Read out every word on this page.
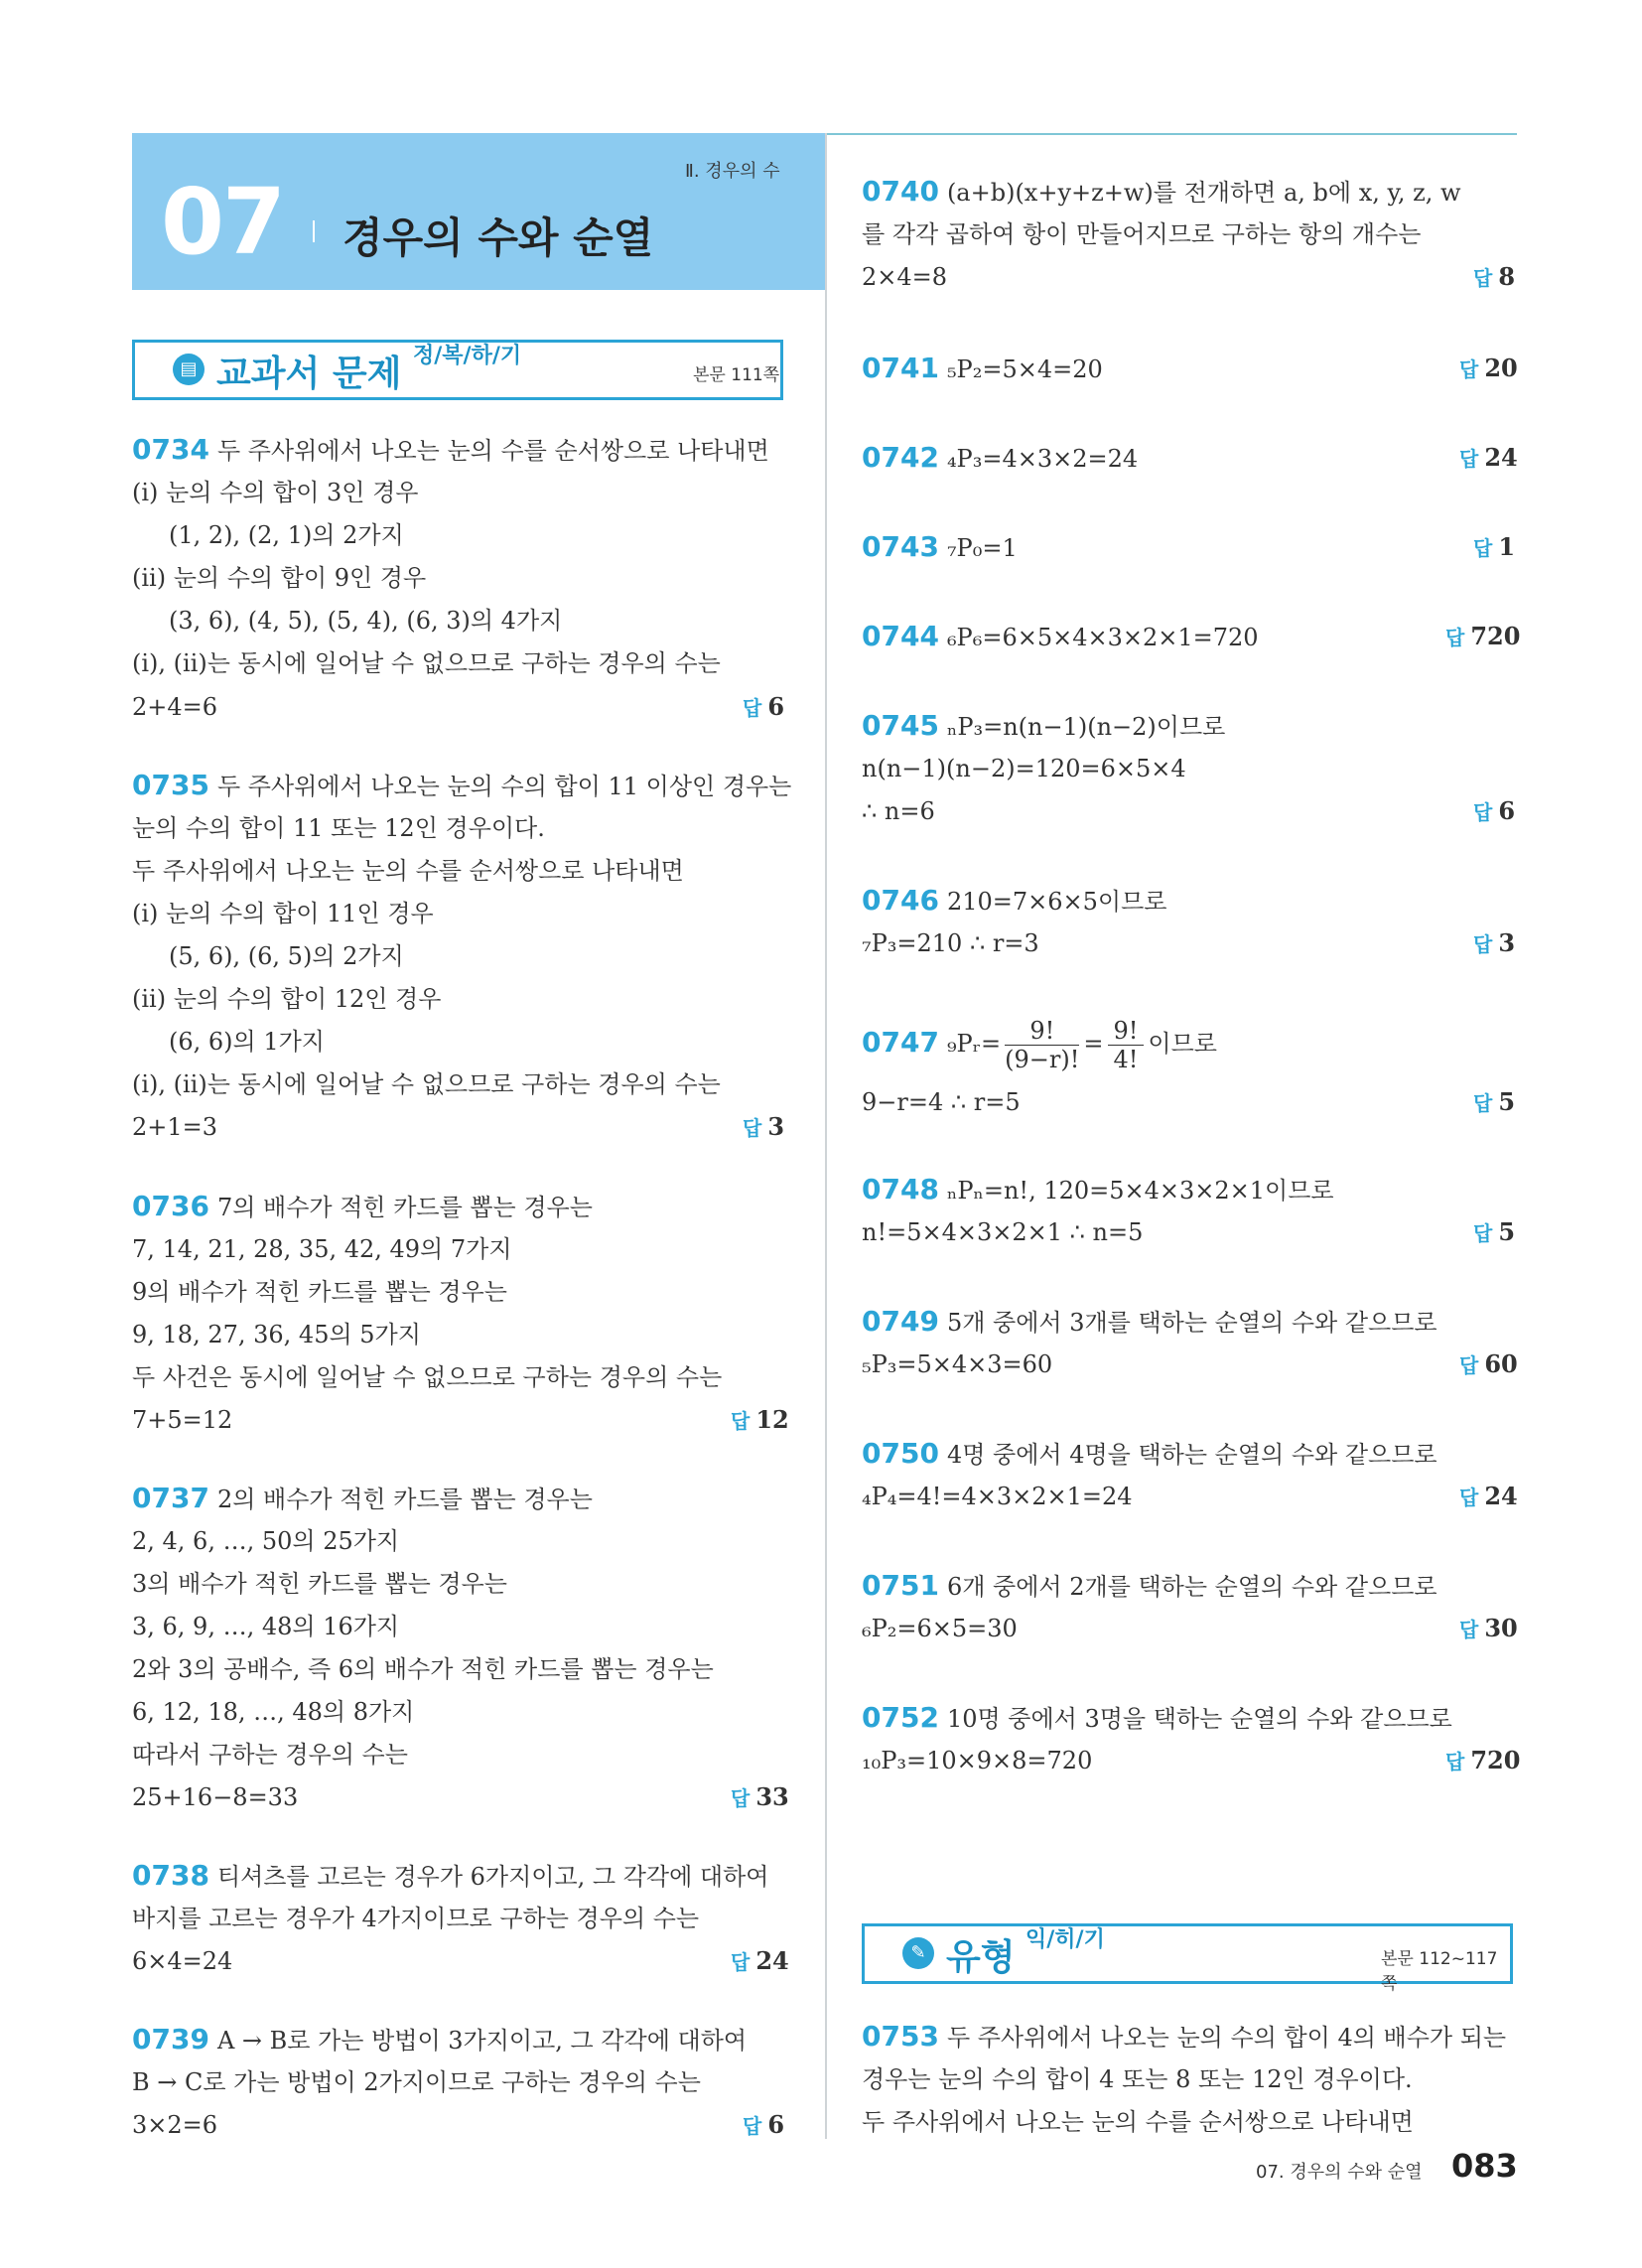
Ⅱ. 경우의 수
07 경우의 수와 순열
▤ 교과서 문제 정/복/하/기
본문 111쪽
0734 두 주사위에서 나오는 눈의 수를 순서쌍으로 나타내면
(ⅰ) 눈의 수의 합이 3인 경우
(1, 2), (2, 1)의 2가지
(ⅱ) 눈의 수의 합이 9인 경우
(3, 6), (4, 5), (5, 4), (6, 3)의 4가지
(ⅰ), (ⅱ)는 동시에 일어날 수 없으므로 구하는 경우의 수는
2+4=6	답 6
0735 두 주사위에서 나오는 눈의 수의 합이 11 이상인 경우는
눈의 수의 합이 11 또는 12인 경우이다.
두 주사위에서 나오는 눈의 수를 순서쌍으로 나타내면
(ⅰ) 눈의 수의 합이 11인 경우
(5, 6), (6, 5)의 2가지
(ⅱ) 눈의 수의 합이 12인 경우
(6, 6)의 1가지
(ⅰ), (ⅱ)는 동시에 일어날 수 없으므로 구하는 경우의 수는
2+1=3	답 3
0736 7의 배수가 적힌 카드를 뽑는 경우는
7, 14, 21, 28, 35, 42, 49의 7가지
9의 배수가 적힌 카드를 뽑는 경우는
9, 18, 27, 36, 45의 5가지
두 사건은 동시에 일어날 수 없으므로 구하는 경우의 수는
7+5=12	답 12
0737 2의 배수가 적힌 카드를 뽑는 경우는
2, 4, 6, …, 50의 25가지
3의 배수가 적힌 카드를 뽑는 경우는
3, 6, 9, …, 48의 16가지
2와 3의 공배수, 즉 6의 배수가 적힌 카드를 뽑는 경우는
6, 12, 18, …, 48의 8가지
따라서 구하는 경우의 수는
25+16−8=33	답 33
0738 티셔츠를 고르는 경우가 6가지이고, 그 각각에 대하여
바지를 고르는 경우가 4가지이므로 구하는 경우의 수는
6×4=24	답 24
0739 A → B로 가는 방법이 3가지이고, 그 각각에 대하여
B → C로 가는 방법이 2가지이므로 구하는 경우의 수는
3×2=6	답 6
0740 (a+b)(x+y+z+w)를 전개하면 a, b에 x, y, z, w
를 각각 곱하여 항이 만들어지므로 구하는 항의 개수는
2×4=8	답 8
0741 ₅P₂=5×4=20	답 20
0742 ₄P₃=4×3×2=24	답 24
0743 ₇P₀=1	답 1
0744 ₆P₆=6×5×4×3×2×1=720	답 720
0745 ₙP₃=n(n−1)(n−2)이므로
n(n−1)(n−2)=120=6×5×4
∴ n=6	답 6
0746 210=7×6×5이므로
₇P₃=210 ∴ r=3	답 3
0747 ₉Pᵣ= $\frac{9!}{(9-r)!} = \frac{9!}{4!}$ 이므로
9−r=4 ∴ r=5	답 5
0748 ₙPₙ=n!, 120=5×4×3×2×1이므로
n!=5×4×3×2×1 ∴ n=5	답 5
0749 5개 중에서 3개를 택하는 순열의 수와 같으므로
₅P₃=5×4×3=60	답 60
0750 4명 중에서 4명을 택하는 순열의 수와 같으므로
₄P₄=4!=4×3×2×1=24	답 24
0751 6개 중에서 2개를 택하는 순열의 수와 같으므로
₆P₂=6×5=30	답 30
0752 10명 중에서 3명을 택하는 순열의 수와 같으므로
₁₀P₃=10×9×8=720	답 720
✎ 유형 익/히/기
본문 112~117쪽
0753 두 주사위에서 나오는 눈의 수의 합이 4의 배수가 되는
경우는 눈의 수의 합이 4 또는 8 또는 12인 경우이다.
두 주사위에서 나오는 눈의 수를 순서쌍으로 나타내면
07. 경우의 수와 순열 083
